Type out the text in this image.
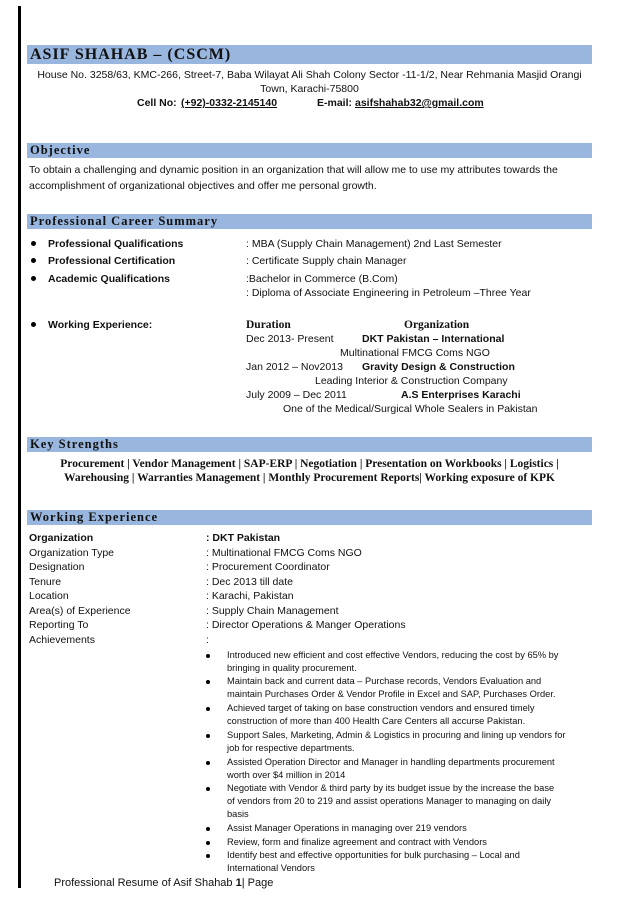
ASIF SHAHAB – (CSCM)
House No. 3258/63, KMC-266, Street-7, Baba Wilayat Ali Shah Colony Sector -11-1/2, Near Rehmania Masjid Orangi
Town, Karachi-75800
Cell No: (+92)-0332-2145140	E-mail: asifshahab32@gmail.com
Objective
To obtain a challenging and dynamic position in an organization that will allow me to use my attributes towards the
accomplishment of organizational objectives and offer me personal growth.
Professional Career Summary
Professional Qualifications	: MBA (Supply Chain Management) 2nd Last Semester
Professional Certification	: Certificate Supply chain Manager
Academic Qualifications	:Bachelor in Commerce (B.Com)
: Diploma of Associate Engineering in Petroleum –Three Year
Working Experience:	Duration	Organization
Dec 2013- Present	DKT Pakistan – International
Multinational FMCG Coms NGO
Jan 2012 – Nov2013 Gravity Design & Construction
Leading Interior & Construction Company
July 2009 – Dec 2011	A.S Enterprises Karachi
One of the Medical/Surgical Whole Sealers in Pakistan
Key Strengths
Procurement | Vendor Management | SAP-ERP | Negotiation | Presentation on Workbooks | Logistics |
Warehousing | Warranties Management | Monthly Procurement Reports| Working exposure of KPK
Working Experience
Organization	: DKT Pakistan
Organization Type	: Multinational FMCG Coms NGO
Designation	: Procurement Coordinator
Tenure	: Dec 2013 till date
Location	: Karachi, Pakistan
Area(s) of Experience	: Supply Chain Management
Reporting To	: Director Operations & Manger Operations
Achievements	:
Introduced new efficient and cost effective Vendors, reducing the cost by 65% by
bringing in quality procurement.
Maintain back and current data – Purchase records, Vendors Evaluation and
maintain Purchases Order & Vendor Profile in Excel and SAP, Purchases Order.
Achieved target of taking on base construction vendors and ensured timely
construction of more than 400 Health Care Centers all accurse Pakistan.
Support Sales, Marketing, Admin & Logistics in procuring and lining up vendors for
job for respective departments.
Assisted Operation Director and Manager in handling departments procurement
worth over $4 million in 2014
Negotiate with Vendor & third party by its budget issue by the increase the base
of vendors from 20 to 219 and assist operations Manager to managing on daily
basis
Assist Manager Operations in managing over 219 vendors
Review, form and finalize agreement and contract with Vendors
Identify best and effective opportunities for bulk purchasing – Local and
International Vendors
Professional Resume of Asif Shahab 1| Page
